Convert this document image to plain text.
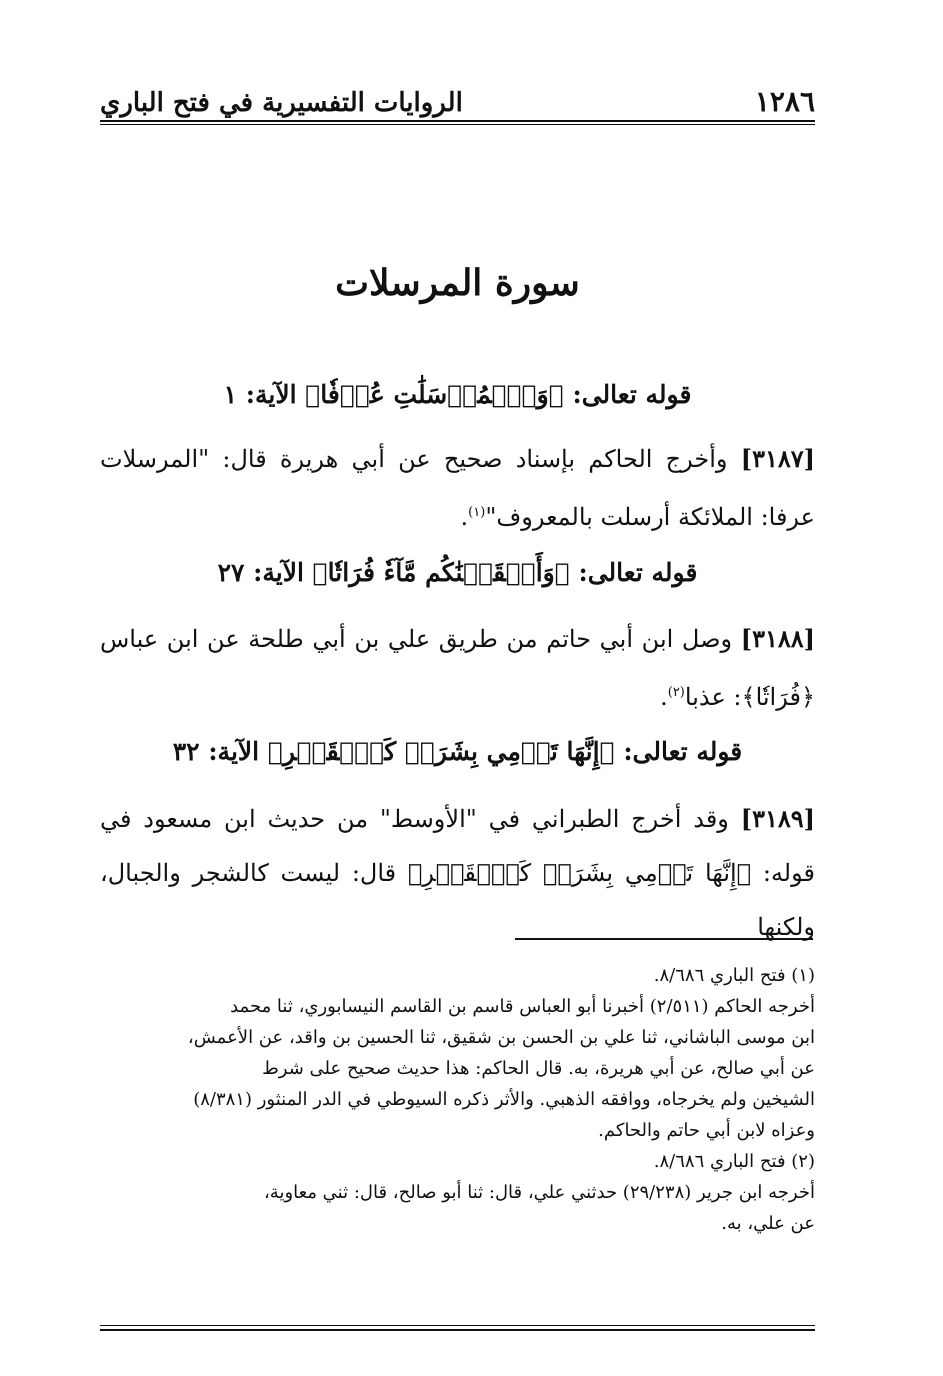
١٢٨٦
الروايات التفسيرية في فتح الباري
سورة المرسلات
قوله تعالى: ﴿وَٱلۡمُرۡسَلَٰتِ عُرۡفٗا﴾ الآية: ١

[٣١٨٧] وأخرج الحاكم بإسناد صحيح عن أبي هريرة قال: "المرسلات عرفا: الملائكة أرسلت بالمعروف"$^{(١)}$.

قوله تعالى: ﴿وَأَسۡقَيۡنَٰكُم مَّآءٗ فُرَاتٗا﴾ الآية: ٢٧

[٣١٨٨] وصل ابن أبي حاتم من طريق علي بن أبي طلحة عن ابن عباس ﴿فُرَاتٗا﴾: عذبا$^{(٢)}$.

قوله تعالى: ﴿إِنَّهَا تَرۡمِي بِشَرَرٖ كَٱلۡقَصۡرِ﴾ الآية: ٣٢

[٣١٨٩] وقد أخرج الطبراني في "الأوسط" من حديث ابن مسعود في قوله: ﴿إِنَّهَا تَرۡمِي بِشَرَرٖ كَٱلۡقَصۡرِ﴾ قال: ليست كالشجر والجبال، ولكنها

(١) فتح الباري ٨/٦٨٦.
أخرجه الحاكم (٢/٥١١) أخبرنا أبو العباس قاسم بن القاسم النيسابوري، ثنا محمد
ابن موسى الباشاني، ثنا علي بن الحسن بن شقيق، ثنا الحسين بن واقد، عن الأعمش،
عن أبي صالح، عن أبي هريرة، به. قال الحاكم: هذا حديث صحيح على شرط
الشيخين ولم يخرجاه، ووافقه الذهبي. والأثر ذكره السيوطي في الدر المنثور (٨/٣٨١)
وعزاه لابن أبي حاتم والحاكم.
(٢) فتح الباري ٨/٦٨٦.
أخرجه ابن جرير (٢٩/٢٣٨) حدثني علي، قال: ثنا أبو صالح، قال: ثني معاوية،
عن علي، به.
